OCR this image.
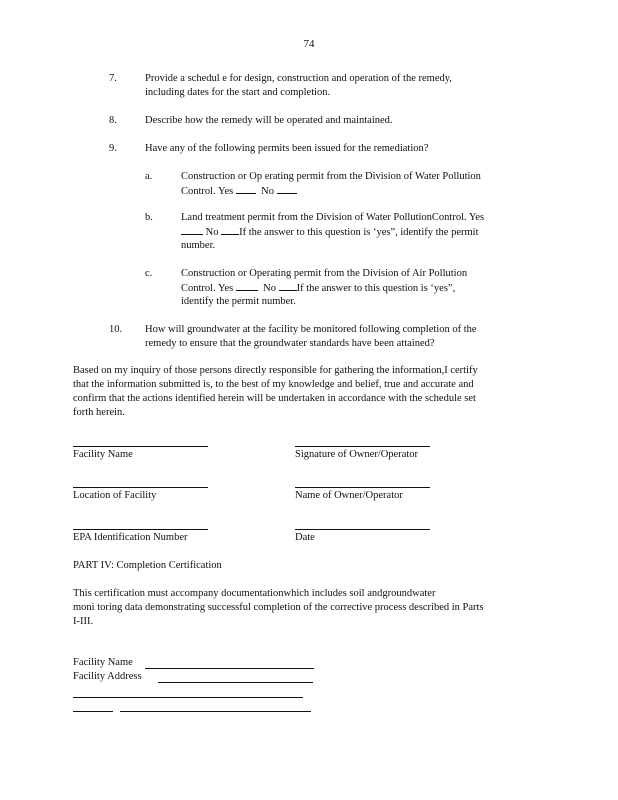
74
7.	Provide a schedul e for design, construction and operation of the remedy,
including dates for the start and completion.
8.	Describe how the remedy will be operated and maintained.
9.	Have any of the following permits been issued for the remediation?
a.	Construction or Op erating permit from the Division of Water Pollution
Control. Yes	No
b.	Land treatment permit from the Division of Water PollutionControl. Yes
No If the answer to this question is ‘yes”, identify the permit
number.
c.	Construction or Operating permit from the Division of Air Pollution
Control. Yes	No If the answer to this question is ‘yes”,
identify the permit number.
10. How will groundwater at the facility be monitored following completion of the
remedy to ensure that the groundwater standards have been attained?
Based on my inquiry of those persons directly responsible for gathering the information,I certify
that the information submitted is, to the best of my knowledge and belief, true and accurate and
confirm that the actions identified herein will be undertaken in accordance with the schedule set
forth herein.
Facility Name	Signature of Owner/Operator
Location of Facility	Name of Owner/Operator
EPA Identification Number	Date
PART IV: Completion Certification
This certification must accompany documentationwhich includes soil andgroundwater
moni toring data demonstrating successful completion of the corrective process described in Parts
I-III.
Facility Name
Facility Address
